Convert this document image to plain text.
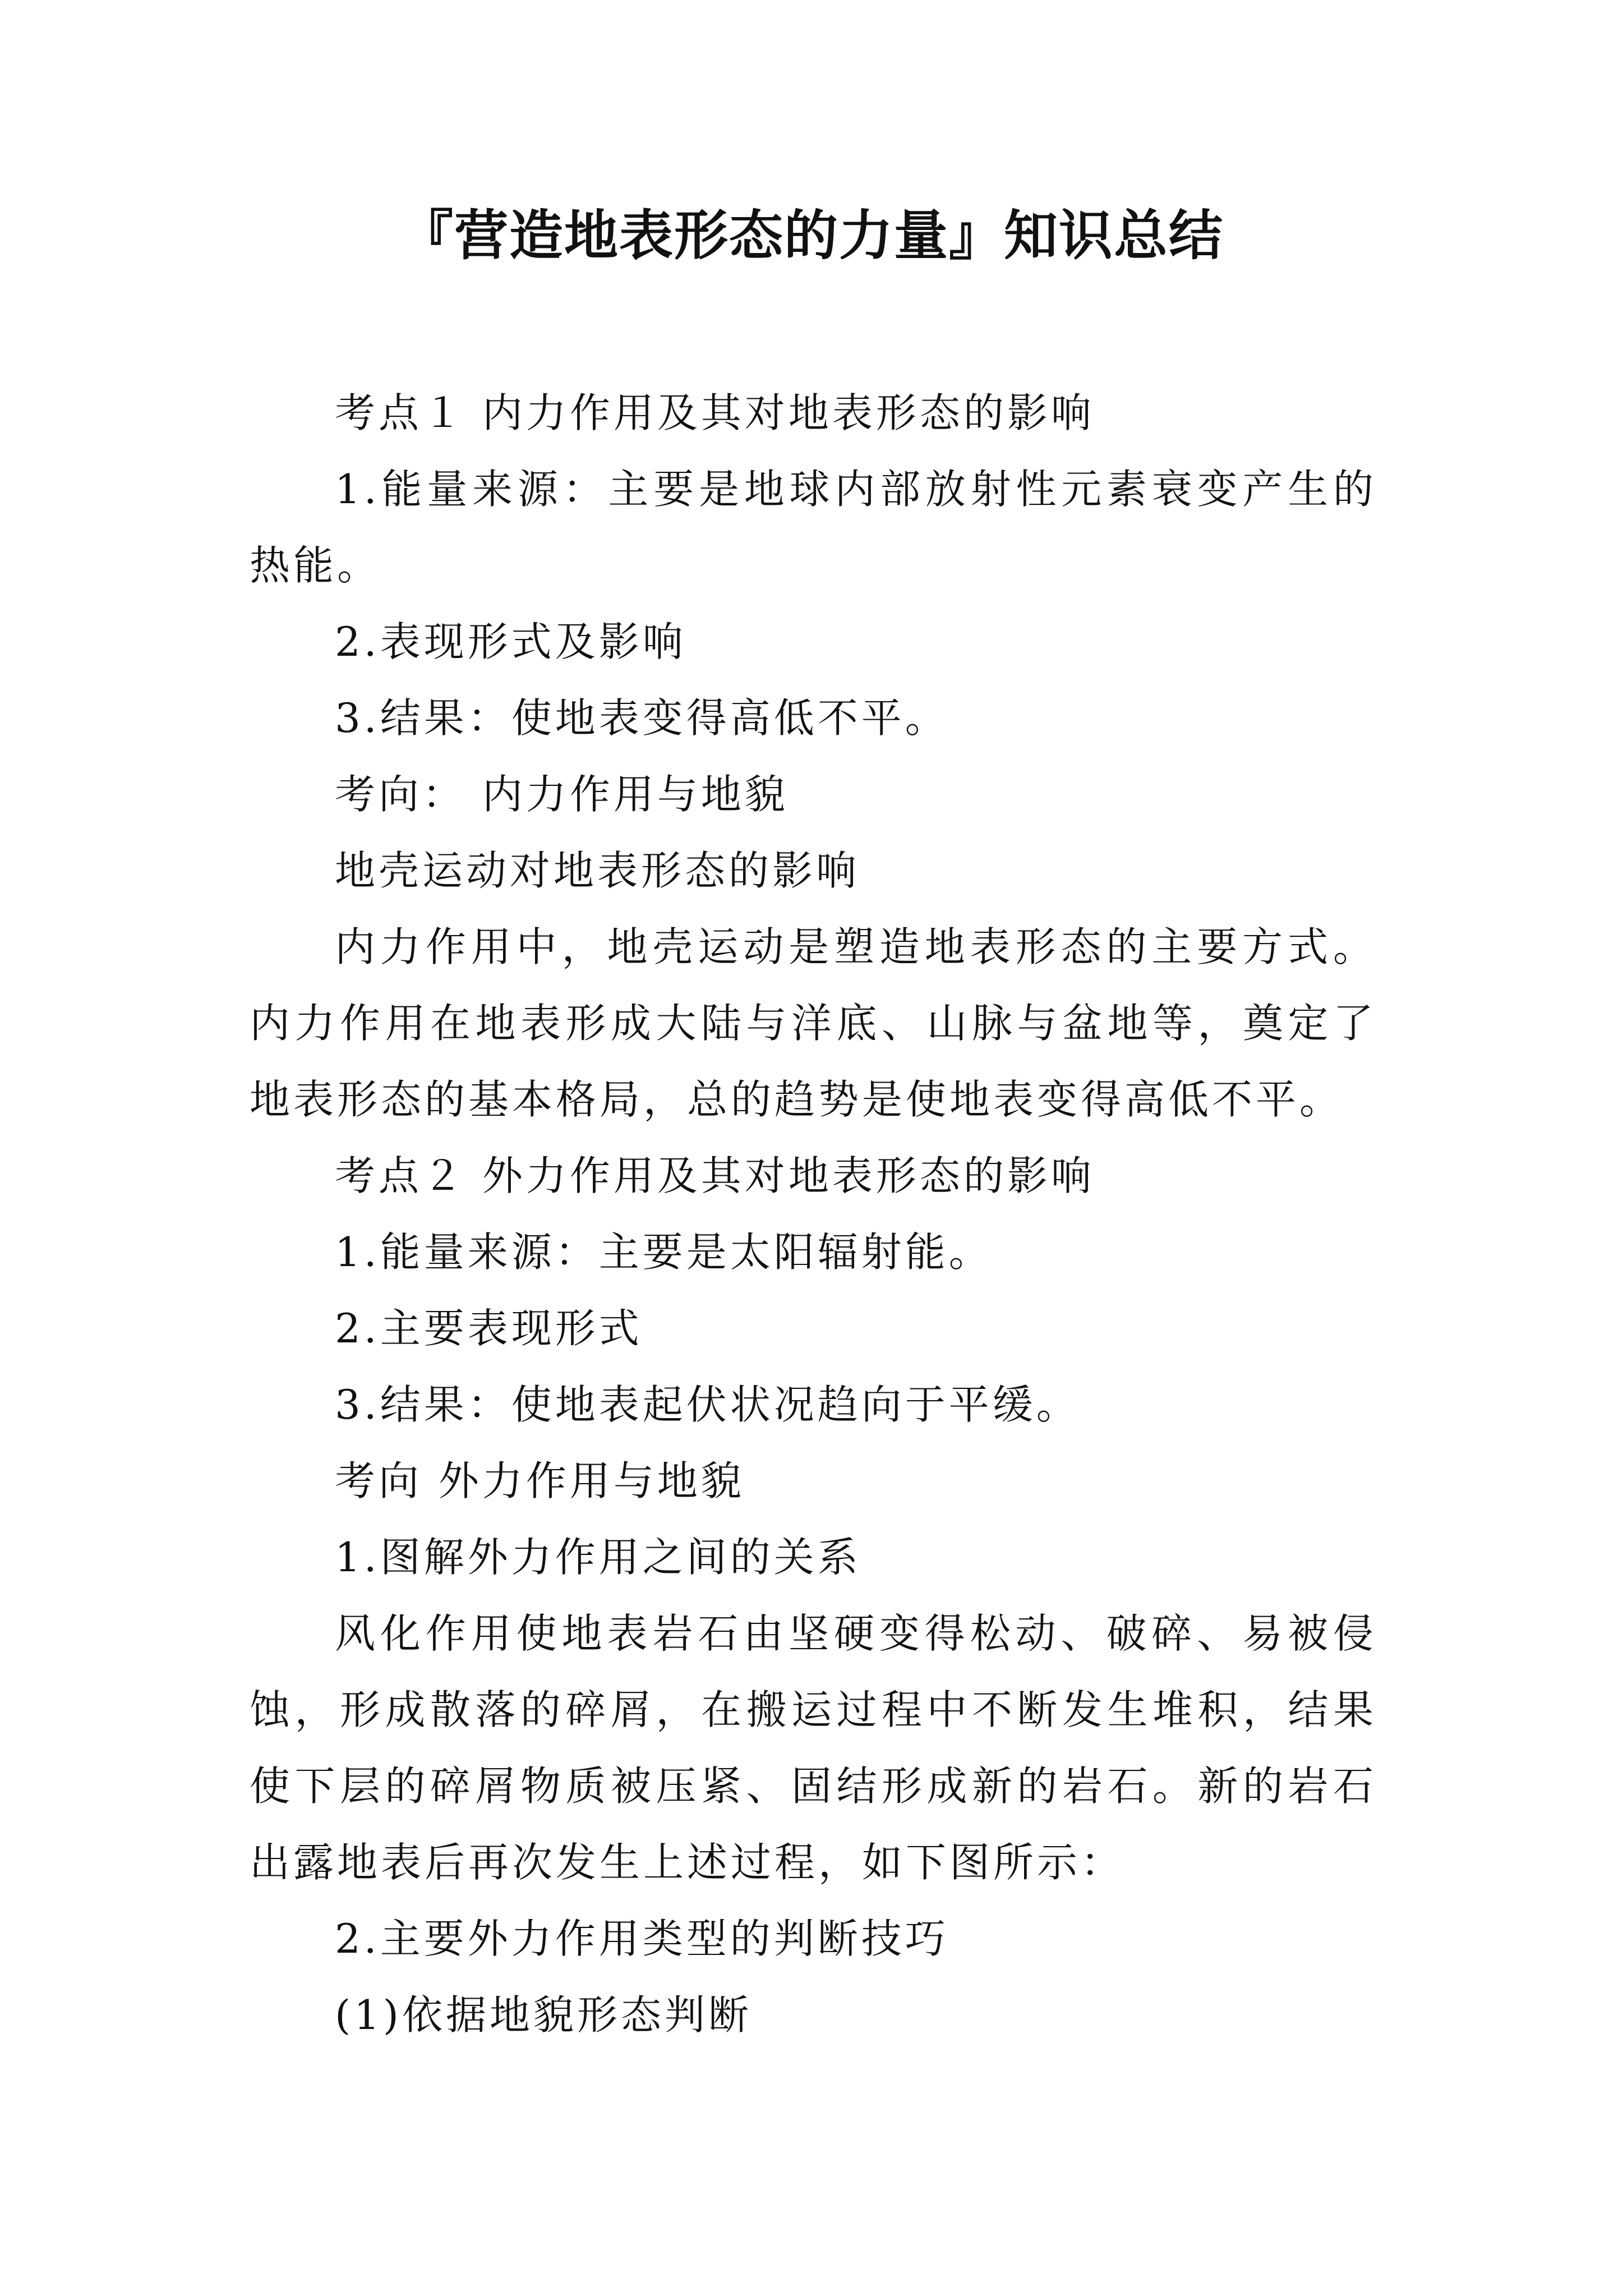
『营造地表形态的力量』知识总结

考点１ 内力作用及其对地表形态的影响

1.能量来源：主要是地球内部放射性元素衰变产生的热能。

2.表现形式及影响

3.结果：使地表变得高低不平。

考向： 内力作用与地貌

地壳运动对地表形态的影响

内力作用中，地壳运动是塑造地表形态的主要方式。内力作用在地表形成大陆与洋底、山脉与盆地等，奠定了地表形态的基本格局，总的趋势是使地表变得高低不平。

考点２ 外力作用及其对地表形态的影响

1.能量来源：主要是太阳辐射能。

2.主要表现形式

3.结果：使地表起伏状况趋向于平缓。

考向 外力作用与地貌

1.图解外力作用之间的关系

风化作用使地表岩石由坚硬变得松动、破碎、易被侵蚀，形成散落的碎屑，在搬运过程中不断发生堆积，结果使下层的碎屑物质被压紧、固结形成新的岩石。新的岩石出露地表后再次发生上述过程，如下图所示：

2.主要外力作用类型的判断技巧

(1)依据地貌形态判断
